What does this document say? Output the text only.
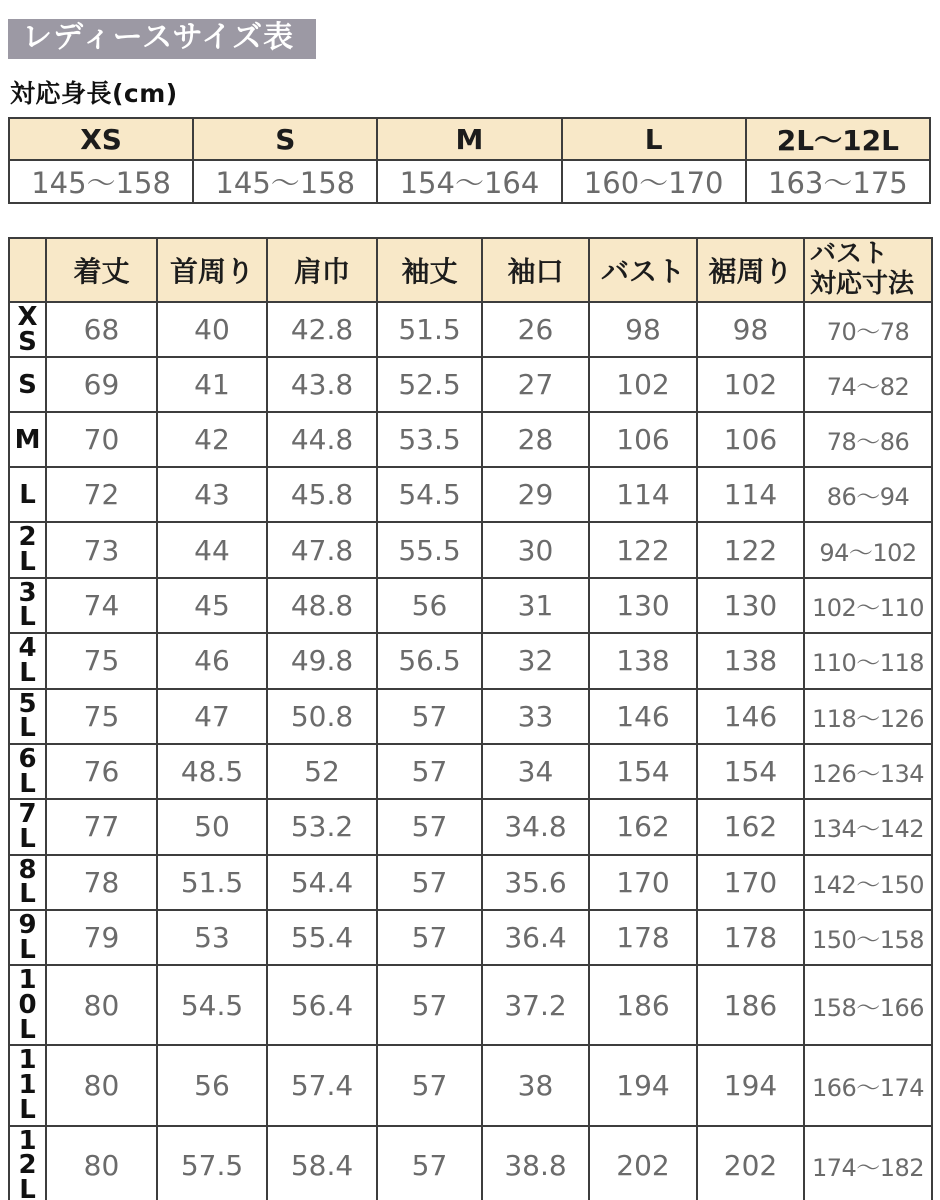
レディースサイズ表
対応身長(cm)
XS	S	M	L	2L〜12L
145〜158	145〜158	154〜164	160〜170	163〜175
	着丈	首周り	肩巾	袖丈	袖口	バスト	裾周り	バスト
対応寸法

XS	68	40	42.8	51.5	26	98	98	70〜78
S	69	41	43.8	52.5	27	102	102	74〜82
M	70	42	44.8	53.5	28	106	106	78〜86
L	72	43	45.8	54.5	29	114	114	86〜94
2L	73	44	47.8	55.5	30	122	122	94〜102
3L	74	45	48.8	56	31	130	130	102〜110
4L	75	46	49.8	56.5	32	138	138	110〜118
5L	75	47	50.8	57	33	146	146	118〜126
6L	76	48.5	52	57	34	154	154	126〜134
7L	77	50	53.2	57	34.8	162	162	134〜142
8L	78	51.5	54.4	57	35.6	170	170	142〜150
9L	79	53	55.4	57	36.4	178	178	150〜158
10L	80	54.5	56.4	57	37.2	186	186	158〜166
11L	80	56	57.4	57	38	194	194	166〜174
12L	80	57.5	58.4	57	38.8	202	202	174〜182
